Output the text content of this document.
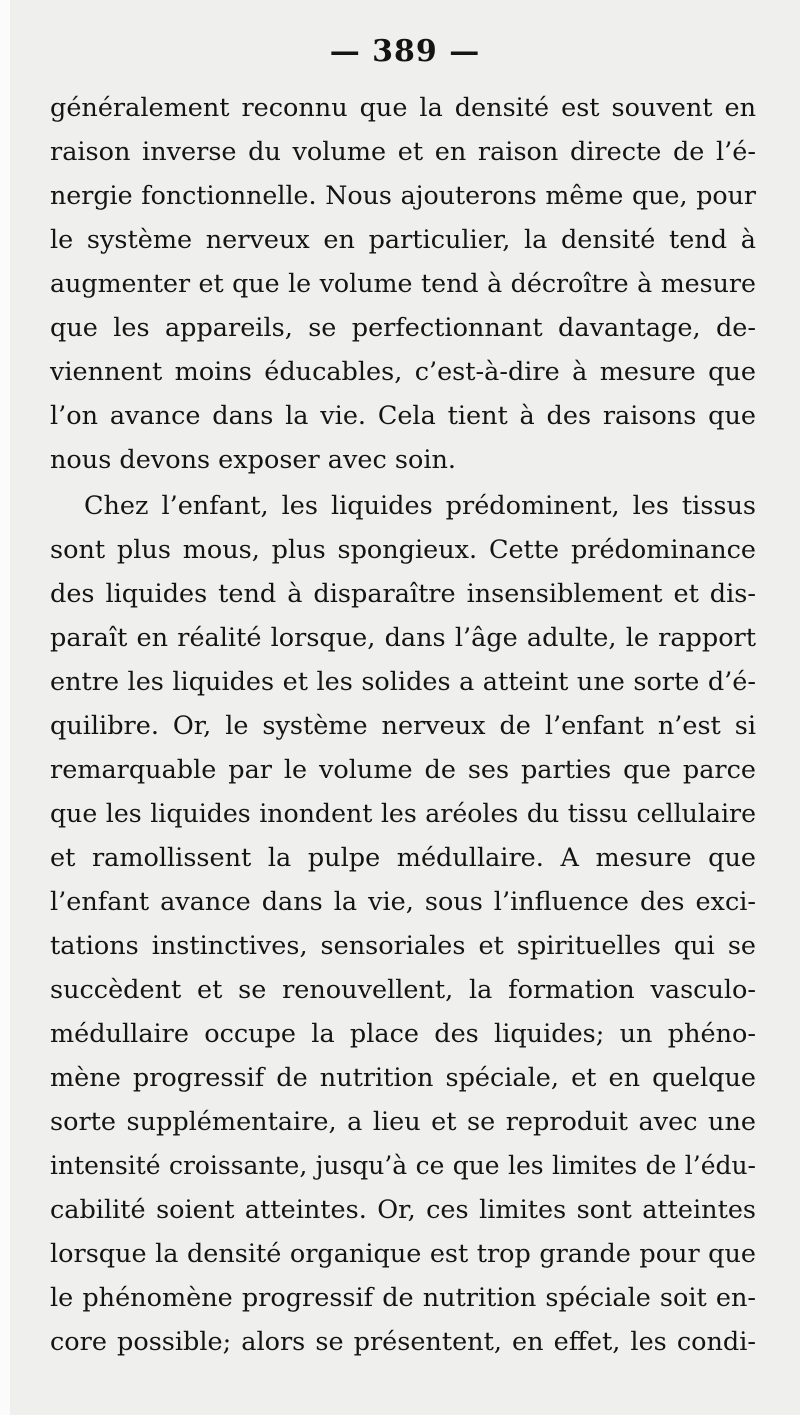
— 389 —
généralement reconnu que la densité est souvent en
raison inverse du volume et en raison directe de l’é-
nergie fonctionnelle. Nous ajouterons même que, pour
le système nerveux en particulier, la densité tend à
augmenter et que le volume tend à décroître à mesure
que les appareils, se perfectionnant davantage, de-
viennent moins éducables, c’est-à-dire à mesure que
l’on avance dans la vie. Cela tient à des raisons que
nous devons exposer avec soin.
Chez l’enfant, les liquides prédominent, les tissus
sont plus mous, plus spongieux. Cette prédominance
des liquides tend à disparaître insensiblement et dis-
paraît en réalité lorsque, dans l’âge adulte, le rapport
entre les liquides et les solides a atteint une sorte d’é-
quilibre. Or, le système nerveux de l’enfant n’est si
remarquable par le volume de ses parties que parce
que les liquides inondent les aréoles du tissu cellulaire
et ramollissent la pulpe médullaire. A mesure que
l’enfant avance dans la vie, sous l’influence des exci-
tations instinctives, sensoriales et spirituelles qui se
succèdent et se renouvellent, la formation vasculo-
médullaire occupe la place des liquides; un phéno-
mène progressif de nutrition spéciale, et en quelque
sorte supplémentaire, a lieu et se reproduit avec une
intensité croissante, jusqu’à ce que les limites de l’édu-
cabilité soient atteintes. Or, ces limites sont atteintes
lorsque la densité organique est trop grande pour que
le phénomène progressif de nutrition spéciale soit en-
core possible; alors se présentent, en effet, les condi-
